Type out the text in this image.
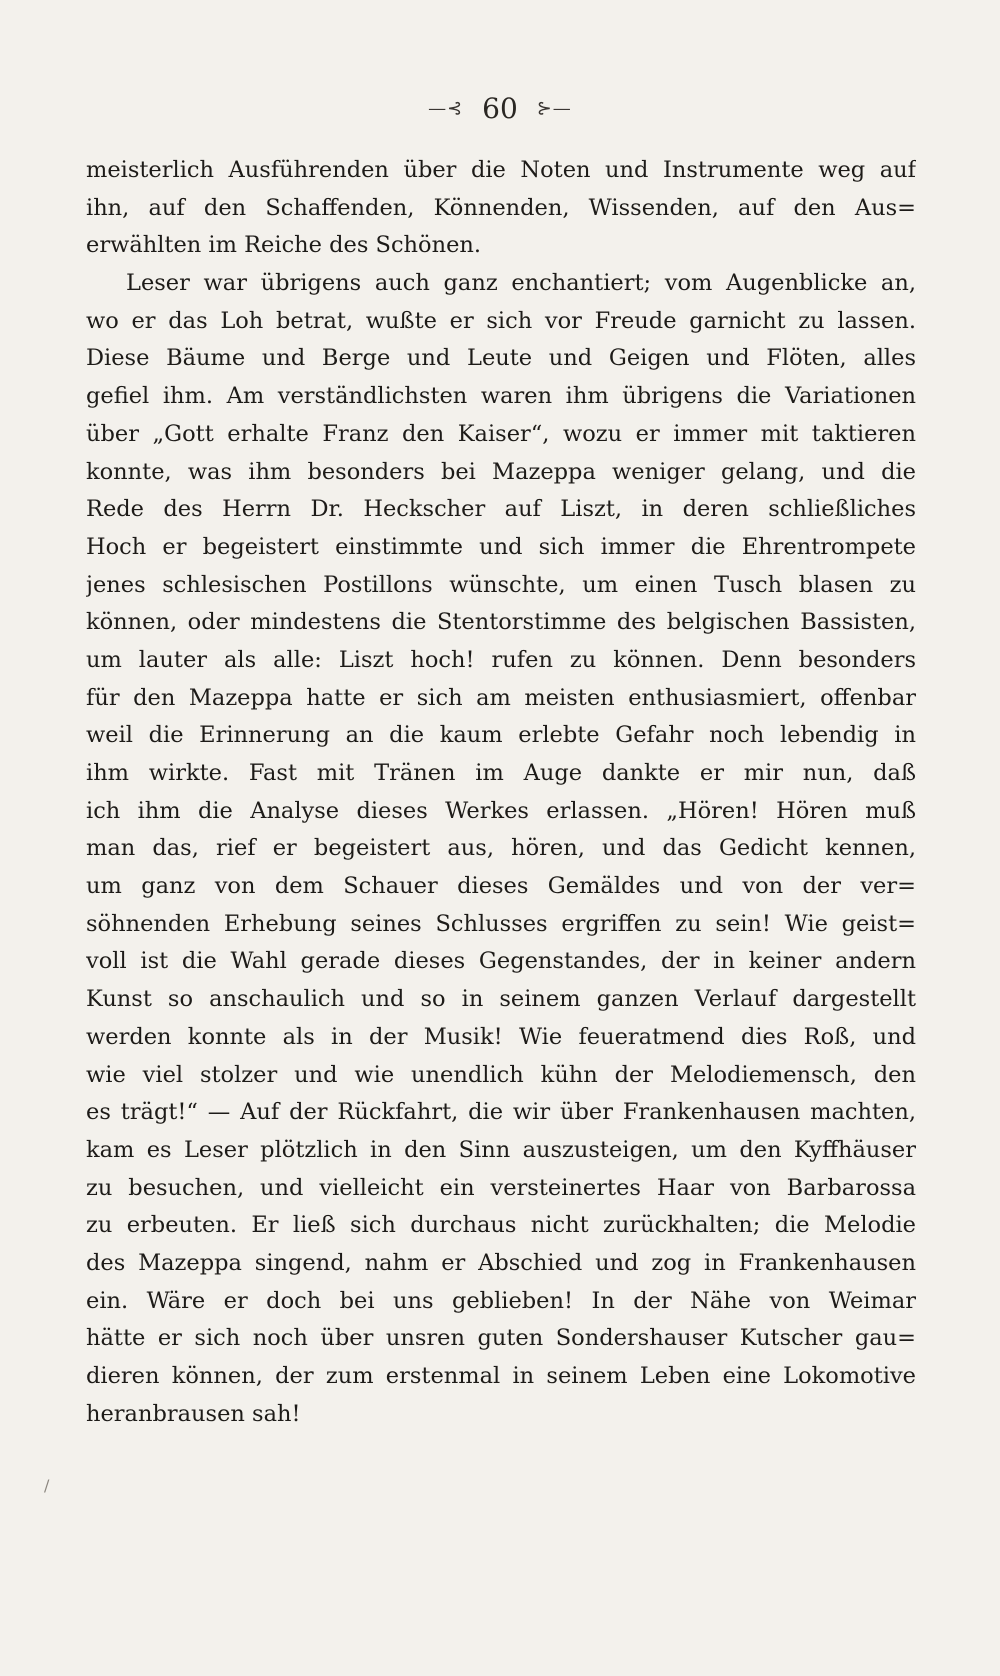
—⊰ 60 ⊱—
meisterlich Ausführenden über die Noten und Instrumente weg auf
ihn, auf den Schaffenden, Könnenden, Wissenden, auf den Aus=
erwählten im Reiche des Schönen.
Leser war übrigens auch ganz enchantiert; vom Augenblicke an,
wo er das Loh betrat, wußte er sich vor Freude garnicht zu lassen.
Diese Bäume und Berge und Leute und Geigen und Flöten, alles
gefiel ihm. Am verständlichsten waren ihm übrigens die Variationen
über „Gott erhalte Franz den Kaiser“, wozu er immer mit taktieren
konnte, was ihm besonders bei Mazeppa weniger gelang, und die
Rede des Herrn Dr. Heckscher auf Liszt, in deren schließliches
Hoch er begeistert einstimmte und sich immer die Ehrentrompete
jenes schlesischen Postillons wünschte, um einen Tusch blasen zu
können, oder mindestens die Stentorstimme des belgischen Bassisten,
um lauter als alle: Liszt hoch! rufen zu können. Denn besonders
für den Mazeppa hatte er sich am meisten enthusiasmiert, offenbar
weil die Erinnerung an die kaum erlebte Gefahr noch lebendig in
ihm wirkte. Fast mit Tränen im Auge dankte er mir nun, daß
ich ihm die Analyse dieses Werkes erlassen. „Hören! Hören muß
man das, rief er begeistert aus, hören, und das Gedicht kennen,
um ganz von dem Schauer dieses Gemäldes und von der ver=
söhnenden Erhebung seines Schlusses ergriffen zu sein! Wie geist=
voll ist die Wahl gerade dieses Gegenstandes, der in keiner andern
Kunst so anschaulich und so in seinem ganzen Verlauf dargestellt
werden konnte als in der Musik! Wie feueratmend dies Roß, und
wie viel stolzer und wie unendlich kühn der Melodiemensch, den
es trägt!“ — Auf der Rückfahrt, die wir über Frankenhausen machten,
kam es Leser plötzlich in den Sinn auszusteigen, um den Kyffhäuser
zu besuchen, und vielleicht ein versteinertes Haar von Barbarossa
zu erbeuten. Er ließ sich durchaus nicht zurückhalten; die Melodie
des Mazeppa singend, nahm er Abschied und zog in Frankenhausen
ein. Wäre er doch bei uns geblieben! In der Nähe von Weimar
hätte er sich noch über unsren guten Sondershauser Kutscher gau=
dieren können, der zum erstenmal in seinem Leben eine Lokomotive
heranbrausen sah!
/
